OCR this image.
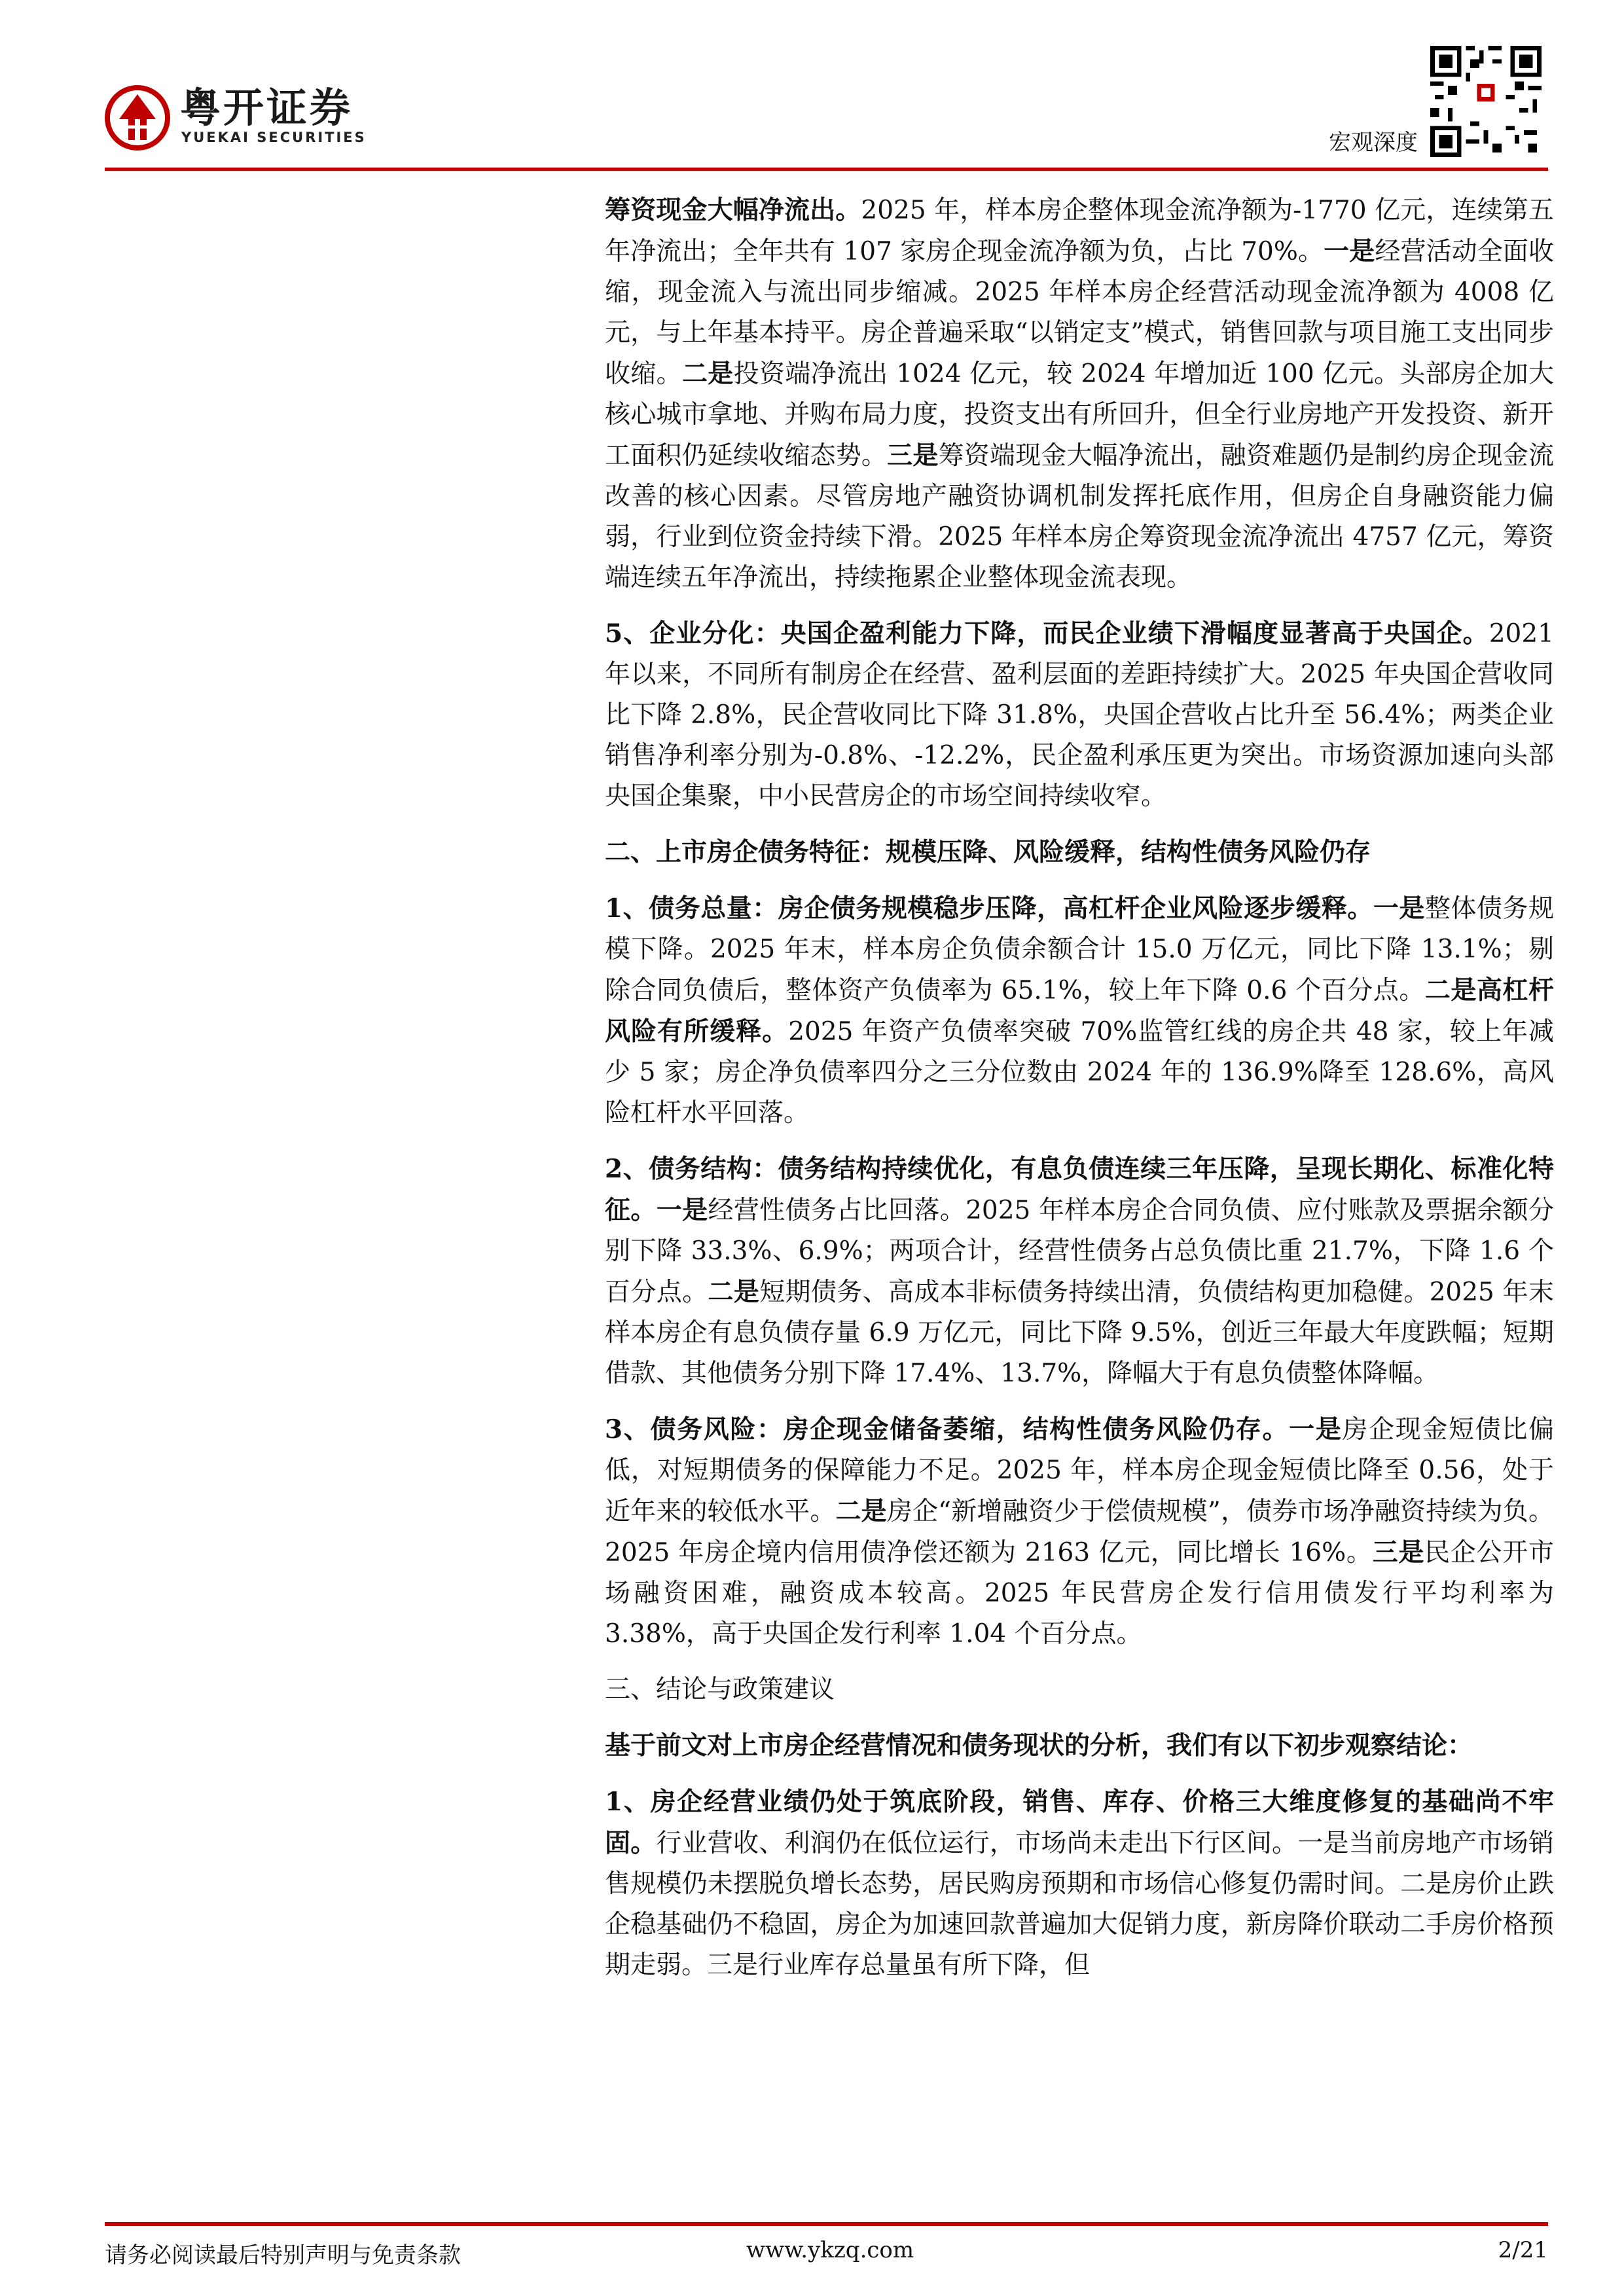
粤开证券
YUEKAI SECURITIES	宏观深度

筹资现金大幅净流出。2025 年，样本房企整体现金流净额为-1770 亿元，连续第五年净流出；全年共有 107 家房企现金流净额为负，占比 70%。一是经营活动全面收缩，现金流入与流出同步缩减。2025 年样本房企经营活动现金流净额为 4008 亿元，与上年基本持平。房企普遍采取“以销定支”模式，销售回款与项目施工支出同步收缩。二是投资端净流出 1024 亿元，较 2024 年增加近 100 亿元。头部房企加大核心城市拿地、并购布局力度，投资支出有所回升，但全行业房地产开发投资、新开工面积仍延续收缩态势。三是筹资端现金大幅净流出，融资难题仍是制约房企现金流改善的核心因素。尽管房地产融资协调机制发挥托底作用，但房企自身融资能力偏弱，行业到位资金持续下滑。2025 年样本房企筹资现金流净流出 4757 亿元，筹资端连续五年净流出，持续拖累企业整体现金流表现。

5、企业分化：央国企盈利能力下降，而民企业绩下滑幅度显著高于央国企。2021 年以来，不同所有制房企在经营、盈利层面的差距持续扩大。2025 年央国企营收同比下降 2.8%，民企营收同比下降 31.8%，央国企营收占比升至 56.4%；两类企业销售净利率分别为-0.8%、-12.2%，民企盈利承压更为突出。市场资源加速向头部央国企集聚，中小民营房企的市场空间持续收窄。

二、上市房企债务特征：规模压降、风险缓释，结构性债务风险仍存

1、债务总量：房企债务规模稳步压降，高杠杆企业风险逐步缓释。一是整体债务规模下降。2025 年末，样本房企负债余额合计 15.0 万亿元，同比下降 13.1%；剔除合同负债后，整体资产负债率为 65.1%，较上年下降 0.6 个百分点。二是高杠杆风险有所缓释。2025 年资产负债率突破 70%监管红线的房企共 48 家，较上年减少 5 家；房企净负债率四分之三分位数由 2024 年的 136.9%降至 128.6%，高风险杠杆水平回落。

2、债务结构：债务结构持续优化，有息负债连续三年压降，呈现长期化、标准化特征。一是经营性债务占比回落。2025 年样本房企合同负债、应付账款及票据余额分别下降 33.3%、6.9%；两项合计，经营性债务占总负债比重 21.7%，下降 1.6 个百分点。二是短期债务、高成本非标债务持续出清，负债结构更加稳健。2025 年末样本房企有息负债存量 6.9 万亿元，同比下降 9.5%，创近三年最大年度跌幅；短期借款、其他债务分别下降 17.4%、13.7%，降幅大于有息负债整体降幅。

3、债务风险：房企现金储备萎缩，结构性债务风险仍存。一是房企现金短债比偏低，对短期债务的保障能力不足。2025 年，样本房企现金短债比降至 0.56，处于近年来的较低水平。二是房企“新增融资少于偿债规模”，债券市场净融资持续为负。2025 年房企境内信用债净偿还额为 2163 亿元，同比增长 16%。三是民企公开市场融资困难，融资成本较高。2025 年民营房企发行信用债发行平均利率为 3.38%，高于央国企发行利率 1.04 个百分点。

三、结论与政策建议

基于前文对上市房企经营情况和债务现状的分析，我们有以下初步观察结论：

1、房企经营业绩仍处于筑底阶段，销售、库存、价格三大维度修复的基础尚不牢固。行业营收、利润仍在低位运行，市场尚未走出下行区间。一是当前房地产市场销售规模仍未摆脱负增长态势，居民购房预期和市场信心修复仍需时间。二是房价止跌企稳基础仍不稳固，房企为加速回款普遍加大促销力度，新房降价联动二手房价格预期走弱。三是行业库存总量虽有所下降，但

请务必阅读最后特别声明与免责条款	www.ykzq.com	2/21
